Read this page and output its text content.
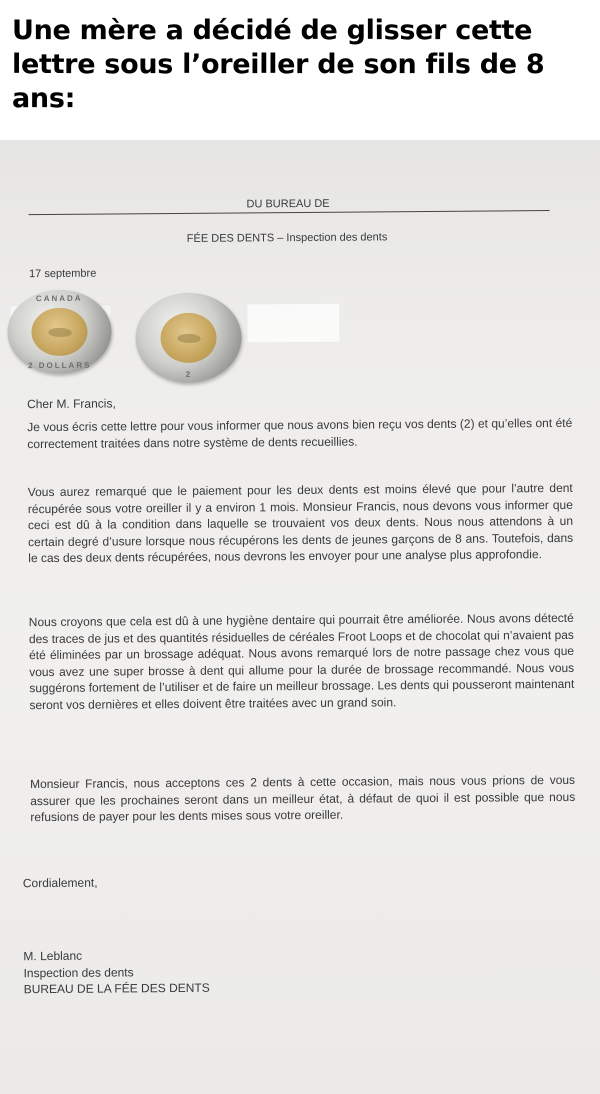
Une mère a décidé de glisser cette lettre sous l’oreiller de son fils de 8 ans:
DU BUREAU DE
FÉE DES DENTS – Inspection des dents
17 septembre
CANADA
2 DOLLARS
2
Cher M. Francis,
Je vous écris cette lettre pour vous informer que nous avons bien reçu vos dents (2) et qu’elles ont été correctement traitées dans notre système de dents recueillies.
Vous aurez remarqué que le paiement pour les deux dents est moins élevé que pour l’autre dent récupérée sous votre oreiller il y a environ 1 mois. Monsieur Francis, nous devons vous informer que ceci est dû à la condition dans laquelle se trouvaient vos deux dents. Nous nous attendons à un certain degré d’usure lorsque nous récupérons les dents de jeunes garçons de 8 ans. Toutefois, dans le cas des deux dents récupérées, nous devrons les envoyer pour une analyse plus approfondie.
Nous croyons que cela est dû à une hygiène dentaire qui pourrait être améliorée. Nous avons détecté des traces de jus et des quantités résiduelles de céréales Froot Loops et de chocolat qui n’avaient pas été éliminées par un brossage adéquat. Nous avons remarqué lors de notre passage chez vous que vous avez une super brosse à dent qui allume pour la durée de brossage recommandé. Nous vous suggérons fortement de l’utiliser et de faire un meilleur brossage. Les dents qui pousseront maintenant seront vos dernières et elles doivent être traitées avec un grand soin.
Monsieur Francis, nous acceptons ces 2 dents à cette occasion, mais nous vous prions de vous assurer que les prochaines seront dans un meilleur état, à défaut de quoi il est possible que nous refusions de payer pour les dents mises sous votre oreiller.
Cordialement,
M. Leblanc
Inspection des dents
BUREAU DE LA FÉE DES DENTS
